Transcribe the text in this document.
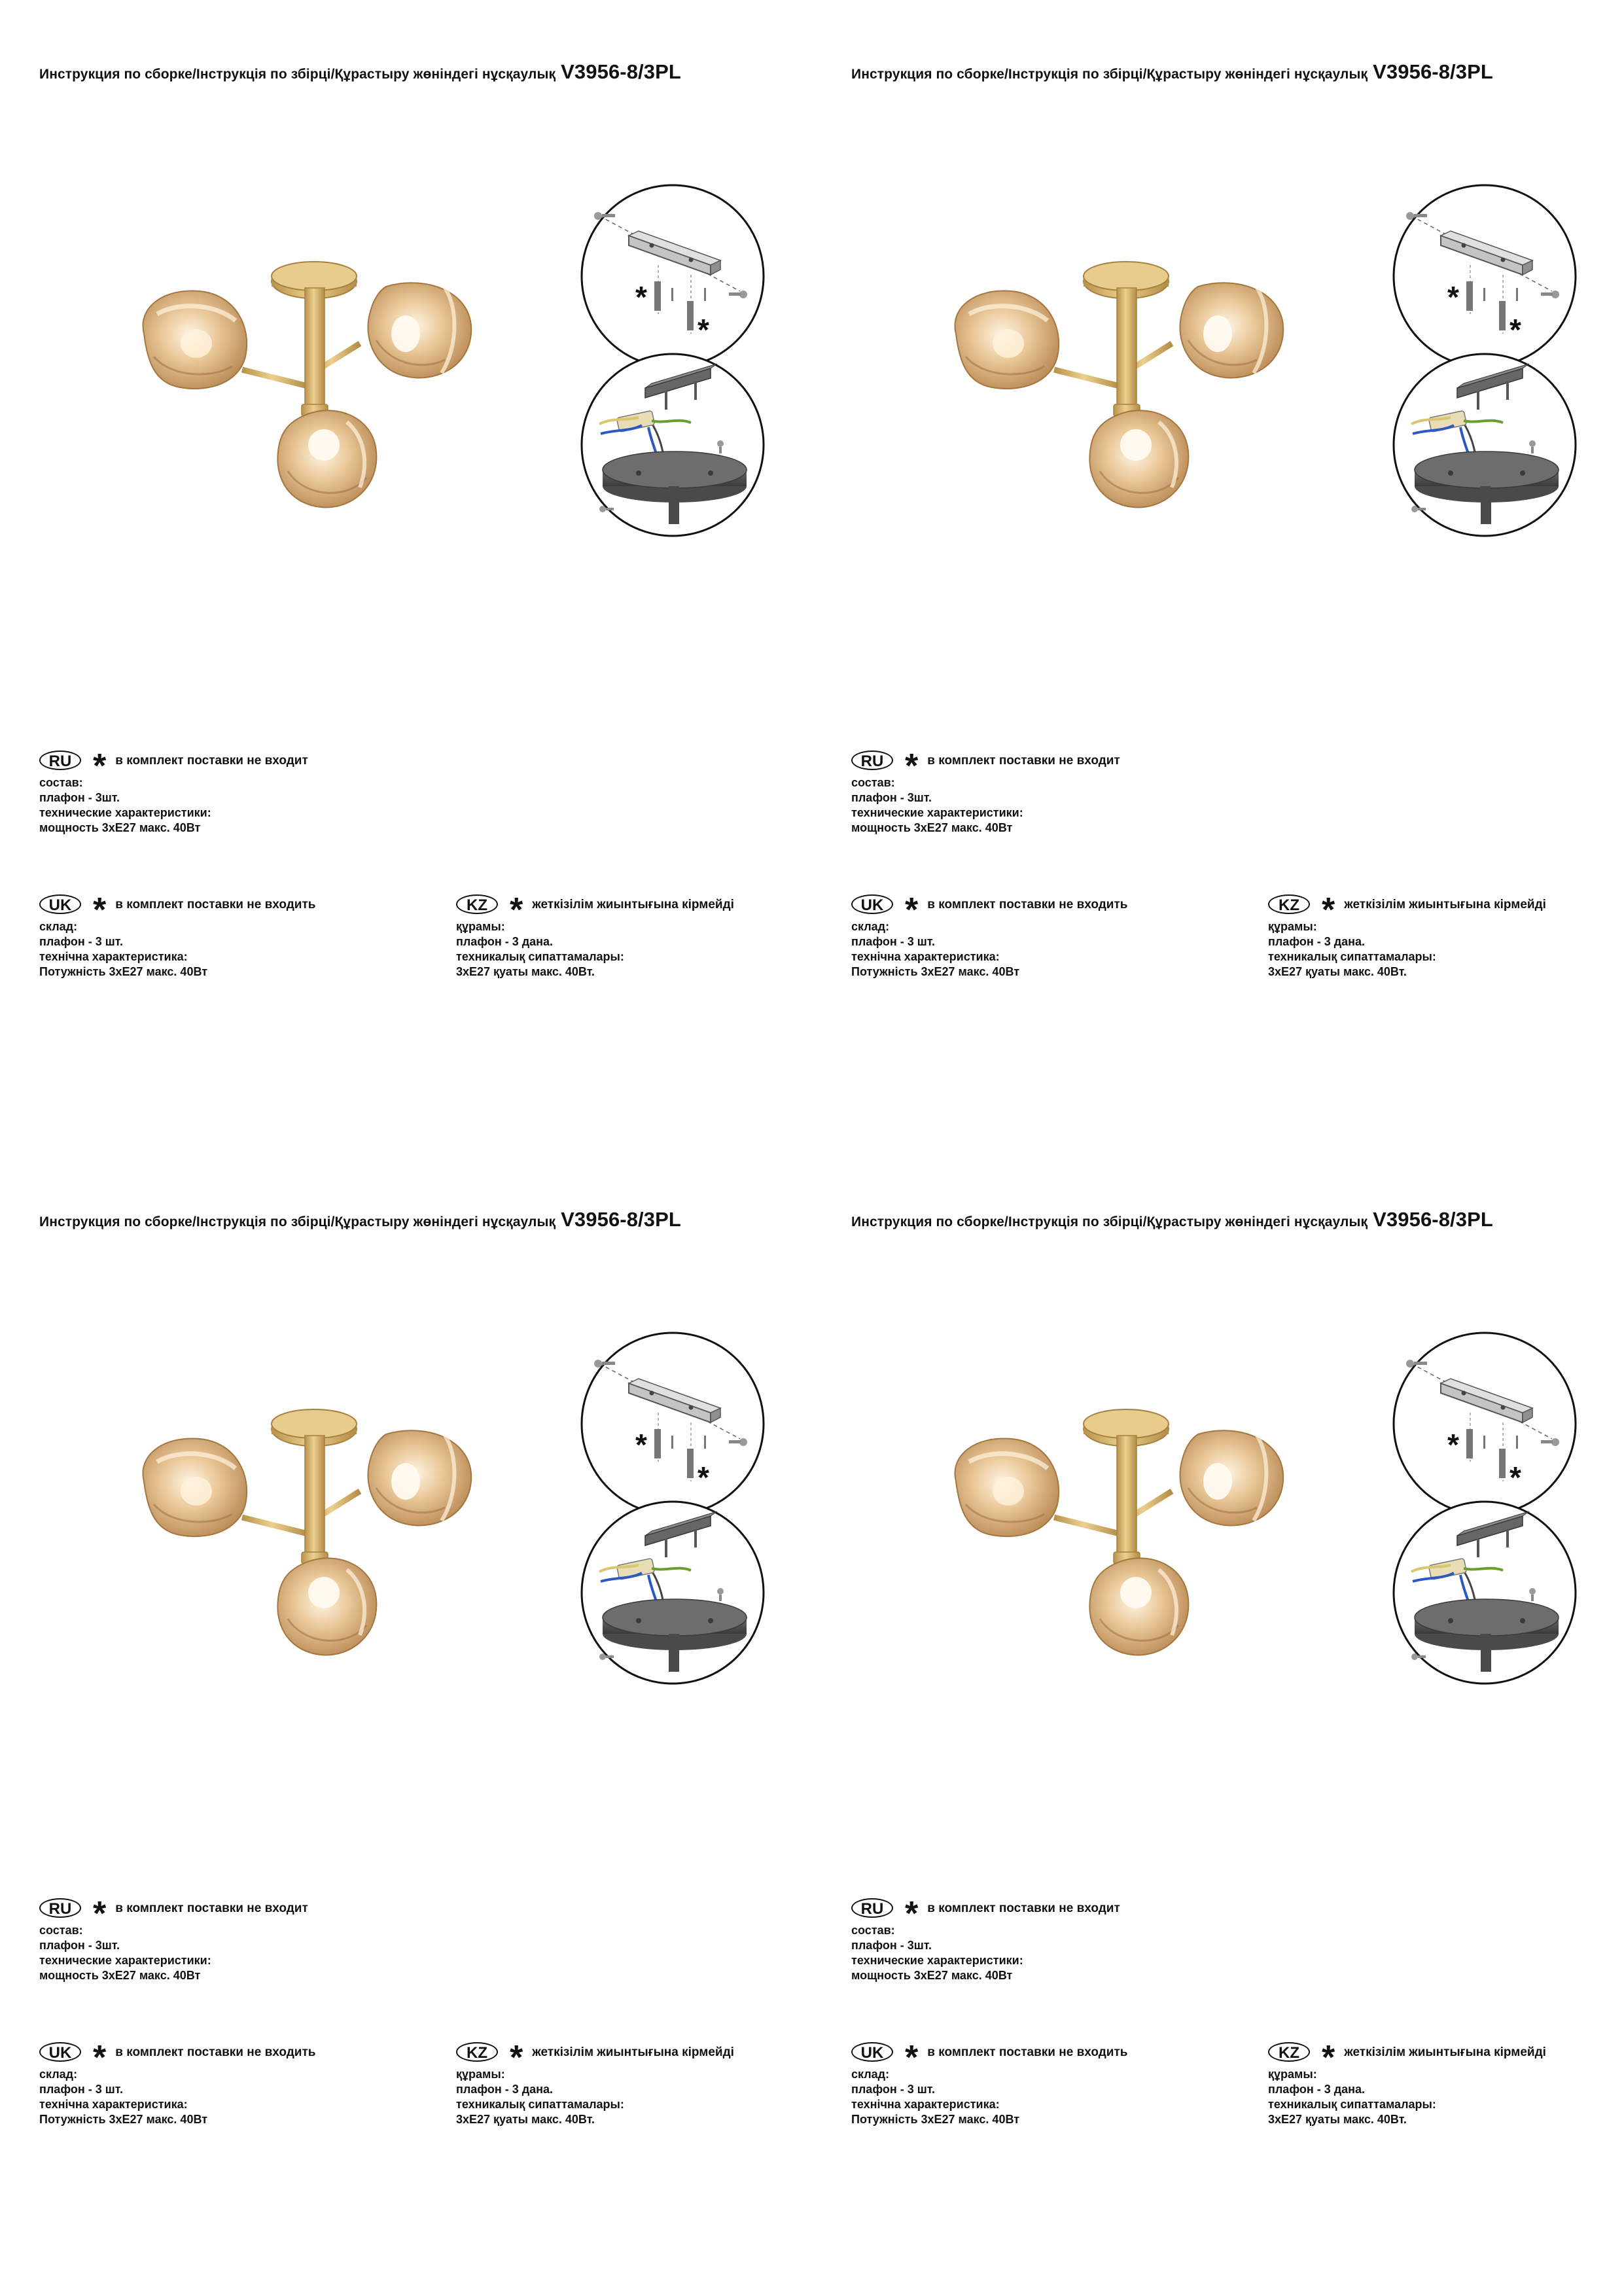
Инструкция по сборке/Інструкція по збірці/Құрастыру жөніндегі нұсқаулық V3956-8/3PL
*
*
RU * в комплект поставки не входит
состав:
плафон - 3шт.
технические характеристики:
мощность 3хЕ27 макс. 40Вт
UK * в комплект поставки не входить
склад:
плафон - 3 шт.
технічна характеристика:
Потужність 3хЕ27 макс. 40Вт
KZ * жеткізілім жиынтығына кірмейді
құрамы:
плафон - 3 дана.
техникалық сипаттамалары:
3хЕ27 қуаты макс. 40Вт.
Инструкция по сборке/Інструкція по збірці/Құрастыру жөніндегі нұсқаулық V3956-8/3PL
*
*
RU * в комплект поставки не входит
состав:
плафон - 3шт.
технические характеристики:
мощность 3хЕ27 макс. 40Вт
UK * в комплект поставки не входить
склад:
плафон - 3 шт.
технічна характеристика:
Потужність 3хЕ27 макс. 40Вт
KZ * жеткізілім жиынтығына кірмейді
құрамы:
плафон - 3 дана.
техникалық сипаттамалары:
3хЕ27 қуаты макс. 40Вт.
Инструкция по сборке/Інструкція по збірці/Құрастыру жөніндегі нұсқаулық V3956-8/3PL
*
*
RU * в комплект поставки не входит
состав:
плафон - 3шт.
технические характеристики:
мощность 3хЕ27 макс. 40Вт
UK * в комплект поставки не входить
склад:
плафон - 3 шт.
технічна характеристика:
Потужність 3хЕ27 макс. 40Вт
KZ * жеткізілім жиынтығына кірмейді
құрамы:
плафон - 3 дана.
техникалық сипаттамалары:
3хЕ27 қуаты макс. 40Вт.
Инструкция по сборке/Інструкція по збірці/Құрастыру жөніндегі нұсқаулық V3956-8/3PL
*
*
RU * в комплект поставки не входит
состав:
плафон - 3шт.
технические характеристики:
мощность 3хЕ27 макс. 40Вт
UK * в комплект поставки не входить
склад:
плафон - 3 шт.
технічна характеристика:
Потужність 3хЕ27 макс. 40Вт
KZ * жеткізілім жиынтығына кірмейді
құрамы:
плафон - 3 дана.
техникалық сипаттамалары:
3хЕ27 қуаты макс. 40Вт.
